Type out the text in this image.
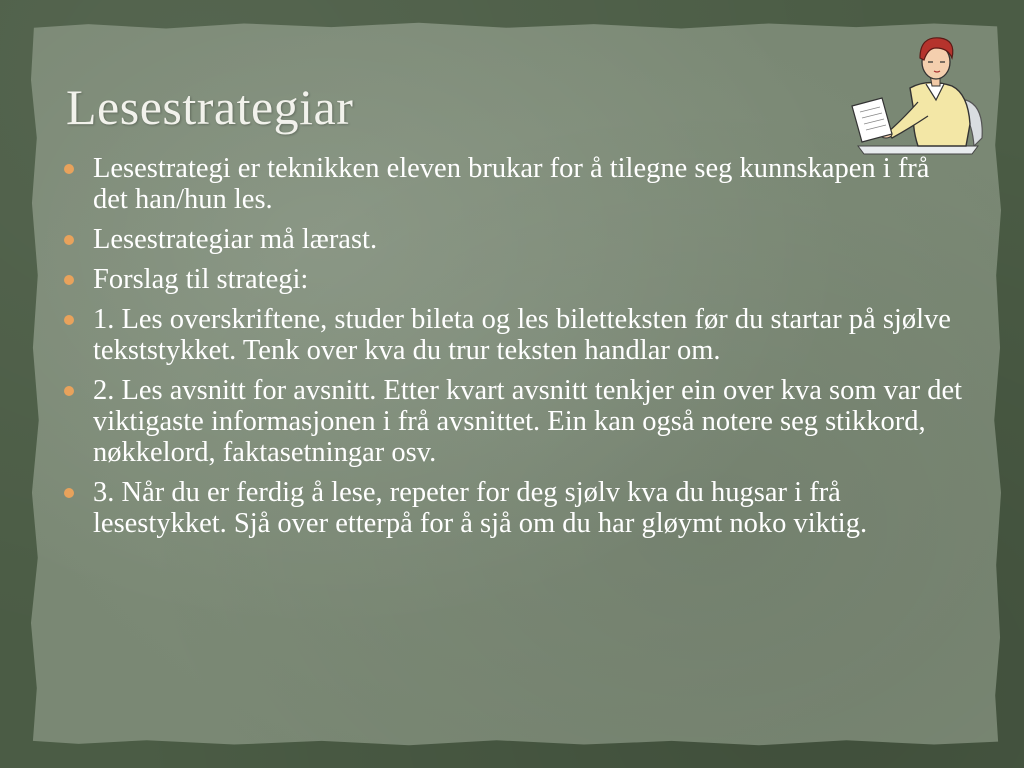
Lesestrategiar
Lesestrategi er teknikken eleven brukar for å tilegne seg kunnskapen i frå det han/hun les.
Lesestrategiar må lærast.
Forslag til strategi:
1. Les overskriftene, studer bileta og les biletteksten før du startar på sjølve tekststykket. Tenk over kva du trur teksten handlar om.
2. Les avsnitt for avsnitt. Etter kvart avsnitt tenkjer ein over kva som var det viktigaste informasjonen i frå avsnittet. Ein kan også notere seg stikkord, nøkkelord, faktasetningar osv.
3. Når du er ferdig å lese, repeter for deg sjølv kva du hugsar i frå lesestykket. Sjå over etterpå for å sjå om du har gløymt noko viktig.
